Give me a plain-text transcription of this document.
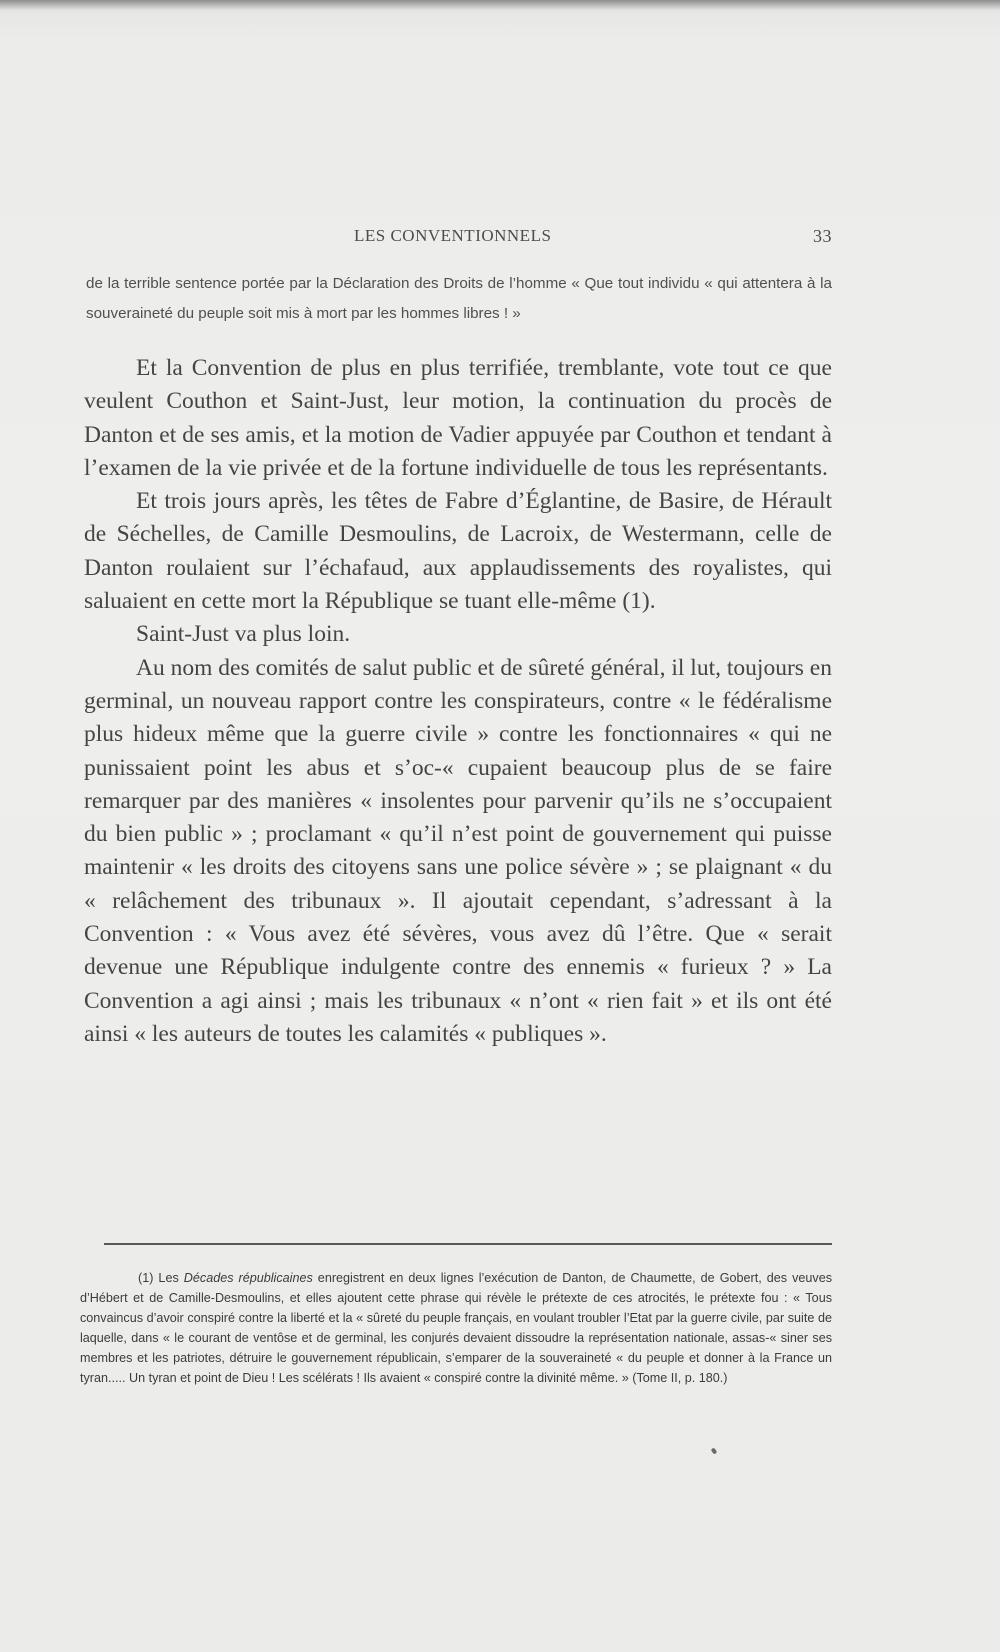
LES CONVENTIONNELS	33

de la terrible sentence portée par la Déclaration des Droits de l’homme « Que tout individu « qui attentera à la souveraineté du peuple soit mis à mort par les hommes libres ! »

Et la Convention de plus en plus terrifiée, tremblante, vote tout ce que veulent Couthon et Saint-Just, leur motion, la continuation du procès de Danton et de ses amis, et la motion de Vadier appuyée par Couthon et tendant à l’examen de la vie privée et de la fortune individuelle de tous les représentants.

Et trois jours après, les têtes de Fabre d’Églantine, de Basire, de Hérault de Séchelles, de Camille Desmoulins, de Lacroix, de Westermann, celle de Danton roulaient sur l’échafaud, aux applaudissements des royalistes, qui saluaient en cette mort la République se tuant elle-même (1).

Saint-Just va plus loin.

Au nom des comités de salut public et de sûreté général, il lut, toujours en germinal, un nouveau rapport contre les conspirateurs, contre « le fédéralisme plus hideux même que la guerre civile » contre les fonctionnaires « qui ne punissaient point les abus et s’oc-« cupaient beaucoup plus de se faire remarquer par des manières « insolentes pour parvenir qu’ils ne s’occupaient du bien public » ; proclamant « qu’il n’est point de gouvernement qui puisse maintenir « les droits des citoyens sans une police sévère » ; se plaignant « du « relâchement des tribunaux ». Il ajoutait cependant, s’adressant à la Convention : « Vous avez été sévères, vous avez dû l’être. Que « serait devenue une République indulgente contre des ennemis « furieux ? » La Convention a agi ainsi ; mais les tribunaux « n’ont « rien fait » et ils ont été ainsi « les auteurs de toutes les calamités « publiques ».

(1) Les Décades républicaines enregistrent en deux lignes l’exécution de Danton, de Chaumette, de Gobert, des veuves d’Hébert et de Camille-Desmoulins, et elles ajoutent cette phrase qui révèle le prétexte de ces atrocités, le prétexte fou : « Tous convaincus d’avoir conspiré contre la liberté et la « sûreté du peuple français, en voulant troubler l’Etat par la guerre civile, par suite de laquelle, dans « le courant de ventôse et de germinal, les conjurés devaient dissoudre la représentation nationale, assas-« siner ses membres et les patriotes, détruire le gouvernement républicain, s’emparer de la souveraineté « du peuple et donner à la France un tyran..... Un tyran et point de Dieu ! Les scélérats ! Ils avaient « conspiré contre la divinité même. » (Tome II, p. 180.)
